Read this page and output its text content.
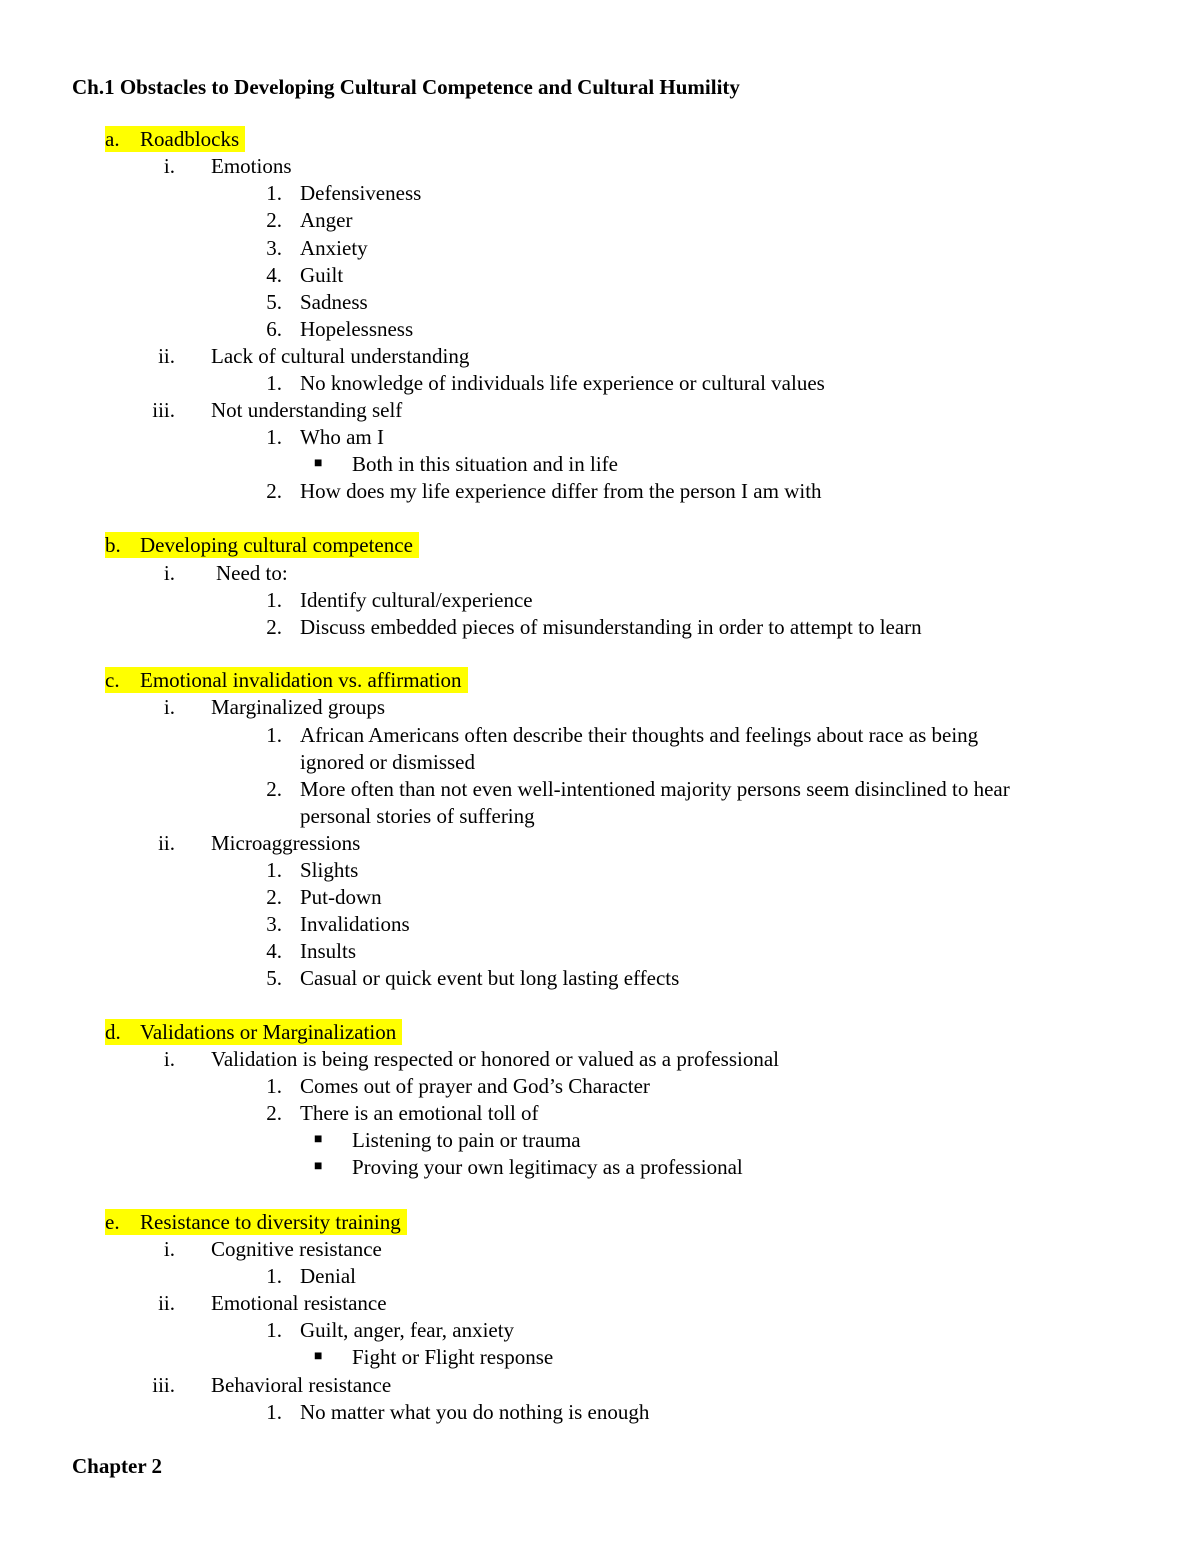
Ch.1 Obstacles to Developing Cultural Competence and Cultural Humility
a. Roadblocks
i. Emotions
1. Defensiveness
2. Anger
3. Anxiety
4. Guilt
5. Sadness
6. Hopelessness
ii. Lack of cultural understanding
1. No knowledge of individuals life experience or cultural values
iii. Not understanding self
1. Who am I
■	Both in this situation and in life
2. How does my life experience differ from the person I am with
b. Developing cultural competence
i. Need to:
1. Identify cultural/experience
2. Discuss embedded pieces of misunderstanding in order to attempt to learn
c. Emotional invalidation vs. affirmation
i. Marginalized groups
1. African Americans often describe their thoughts and feelings about race as being
ignored or dismissed
2. More often than not even well-intentioned majority persons seem disinclined to hear
personal stories of suffering
ii. Microaggressions
1. Slights
2. Put-down
3. Invalidations
4. Insults
5. Casual or quick event but long lasting effects
d. Validations or Marginalization
i. Validation is being respected or honored or valued as a professional
1. Comes out of prayer and God’s Character
2. There is an emotional toll of
■	Listening to pain or trauma
■	Proving your own legitimacy as a professional
e. Resistance to diversity training
i. Cognitive resistance
1. Denial
ii. Emotional resistance
1. Guilt, anger, fear, anxiety
■	Fight or Flight response
iii. Behavioral resistance
1. No matter what you do nothing is enough
Chapter 2
